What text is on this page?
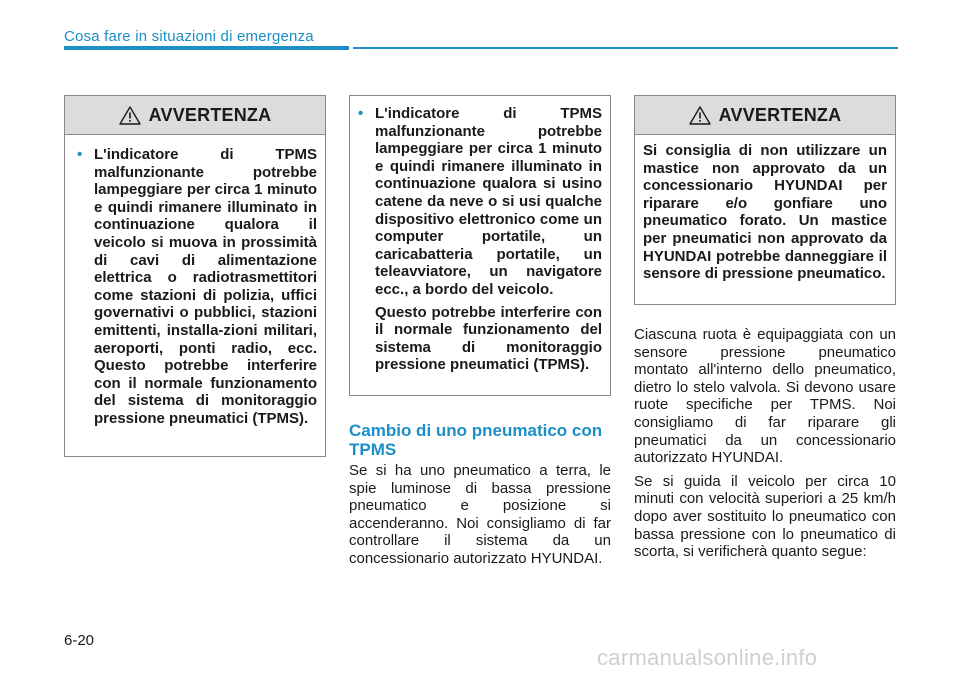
Cosa fare in situazioni di emergenza
AVVERTENZA
• L'indicatore di TPMS malfunzionante potrebbe lampeggiare per circa 1 minuto e quindi rimanere illuminato in continuazione qualora il veicolo si muova in prossimità di cavi di alimentazione elettrica o radiotrasmettitori come stazioni di polizia, uffici governativi o pubblici, stazioni emittenti, installa-zioni militari, aeroporti, ponti radio, ecc. Questo potrebbe interferire con il normale funzionamento del sistema di monitoraggio pressione pneumatici (TPMS).

• L'indicatore di TPMS malfunzionante potrebbe lampeggiare per circa 1 minuto e quindi rimanere illuminato in continuazione qualora si usino catene da neve o si usi qualche dispositivo elettronico come un computer portatile, un caricabatteria portatile, un teleavviatore, un navigatore ecc., a bordo del veicolo.

Questo potrebbe interferire con il normale funzionamento del sistema di monitoraggio pressione pneumatici (TPMS).

Cambio di uno pneumatico con TPMS
Se si ha uno pneumatico a terra, le spie luminose di bassa pressione pneumatico e posizione si accenderanno. Noi consigliamo di far controllare il sistema da un concessionario autorizzato HYUNDAI.
AVVERTENZA

Si consiglia di non utilizzare un mastice non approvato da un concessionario HYUNDAI per riparare e/o gonfiare uno pneumatico forato. Un mastice per pneumatici non approvato da HYUNDAI potrebbe danneggiare il sensore di pressione pneumatico.

Ciascuna ruota è equipaggiata con un sensore pressione pneumatico montato all'interno dello pneumatico, dietro lo stelo valvola. Si devono usare ruote specifiche per TPMS. Noi consigliamo di far riparare gli pneumatici da un concessionario autorizzato HYUNDAI.

Se si guida il veicolo per circa 10 minuti con velocità superiori a 25 km/h dopo aver sostituito lo pneumatico con bassa pressione con lo pneumatico di scorta, si verificherà quanto segue:

6-20
carmanualsonline.info
